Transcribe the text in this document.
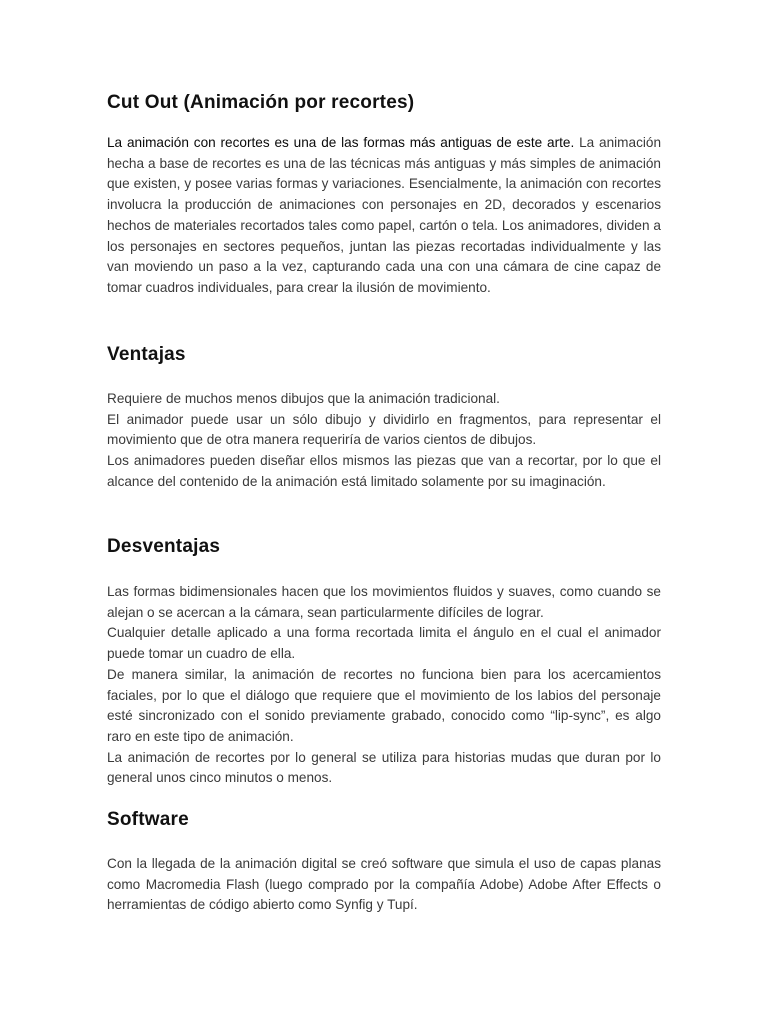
Cut Out (Animación por recortes)

La animación con recortes es una de las formas más antiguas de este arte. La animación hecha a base de recortes es una de las técnicas más antiguas y más simples de animación que existen, y posee varias formas y variaciones. Esencialmente, la animación con recortes involucra la producción de animaciones con personajes en 2D, decorados y escenarios hechos de materiales recortados tales como papel, cartón o tela. Los animadores, dividen a los personajes en sectores pequeños, juntan las piezas recortadas individualmente y las van moviendo un paso a la vez, capturando cada una con una cámara de cine capaz de tomar cuadros individuales, para crear la ilusión de movimiento.

Ventajas

Requiere de muchos menos dibujos que la animación tradicional.

El animador puede usar un sólo dibujo y dividirlo en fragmentos, para representar el movimiento que de otra manera requeriría de varios cientos de dibujos.

Los animadores pueden diseñar ellos mismos las piezas que van a recortar, por lo que el alcance del contenido de la animación está limitado solamente por su imaginación.

Desventajas

Las formas bidimensionales hacen que los movimientos fluidos y suaves, como cuando se alejan o se acercan a la cámara, sean particularmente difíciles de lograr.

Cualquier detalle aplicado a una forma recortada limita el ángulo en el cual el animador puede tomar un cuadro de ella.

De manera similar, la animación de recortes no funciona bien para los acercamientos faciales, por lo que el diálogo que requiere que el movimiento de los labios del personaje esté sincronizado con el sonido previamente grabado, conocido como “lip-sync”, es algo raro en este tipo de animación.

La animación de recortes por lo general se utiliza para historias mudas que duran por lo general unos cinco minutos o menos.

Software

Con la llegada de la animación digital se creó software que simula el uso de capas planas como Macromedia Flash (luego comprado por la compañía Adobe) Adobe After Effects o herramientas de código abierto como Synfig y Tupí.
